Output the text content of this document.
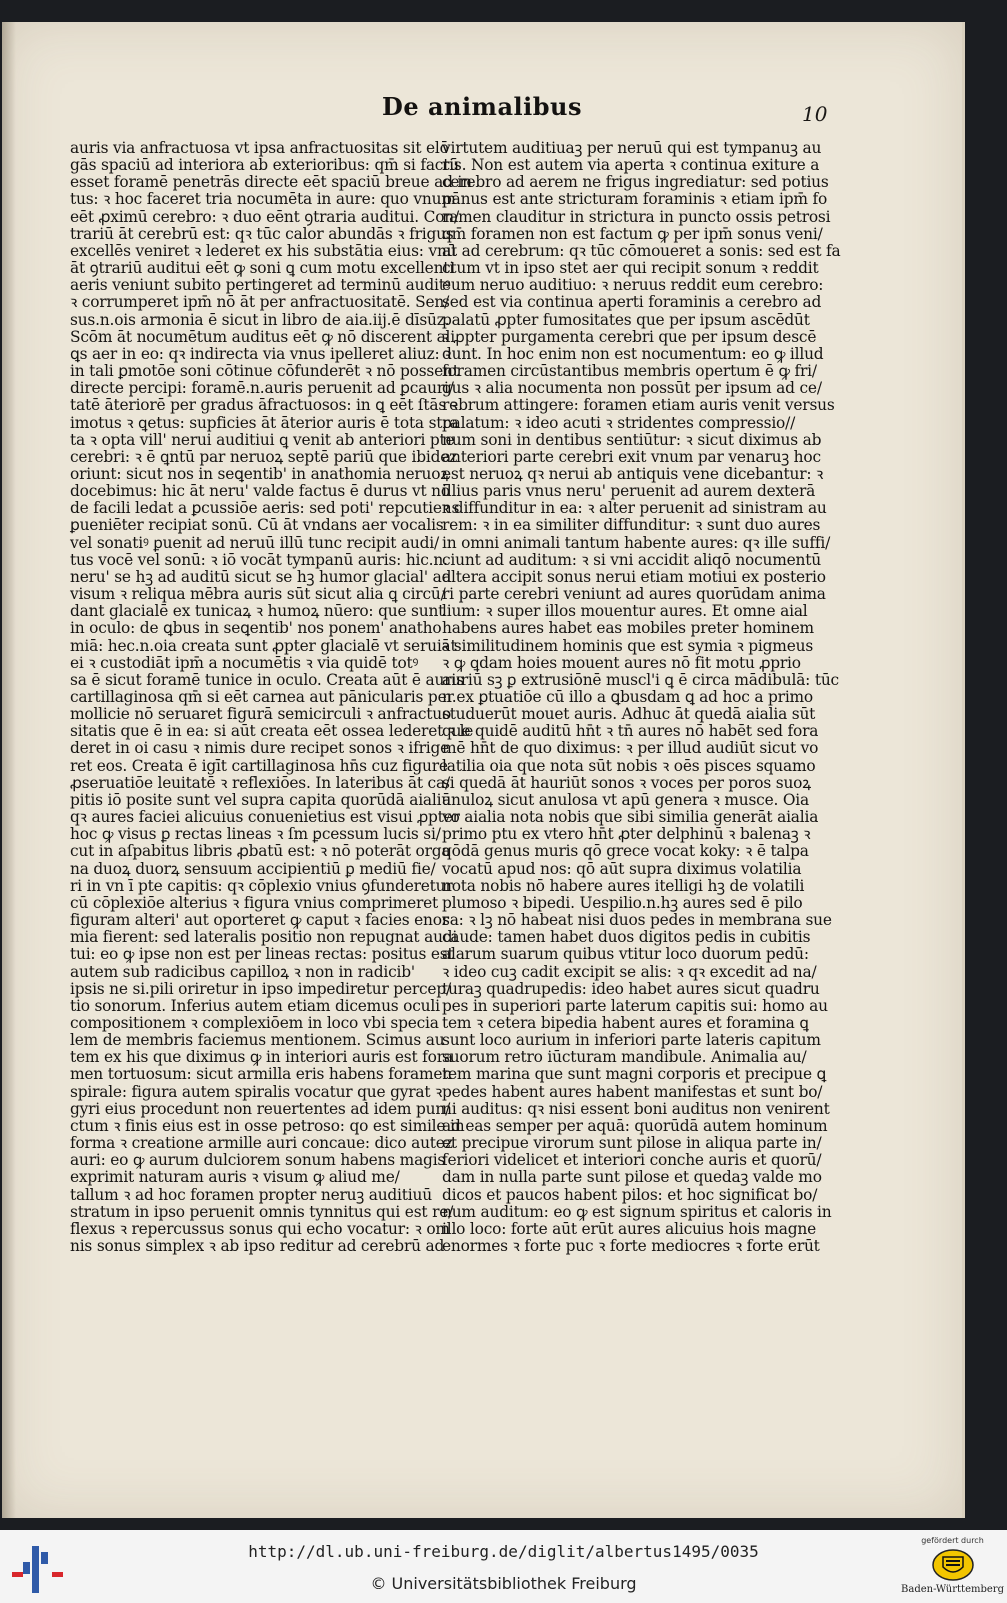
De animalibus	10
auris via anfractuosa vt ipsa anfractuositas sit elō
gās spaciū ad interiora ab exterioribus: qm̄ si factū
esset foramē penetrās directe eēt spaciū breue ad in
tus: ꝛ hoc faceret tria nocumēta in aure: quo vnum
eēt ꝓximū cerebro: ꝛ duo eēnt ꝯtraria auditui. Con/
trariū āt cerebrū est: qꝛ tūc calor abundās ꝛ frigus
excellēs veniret ꝛ lederet ex his substātia eius: vnū
āt ꝯtrariū auditui eēt ꝙ soni ꝗ cum motu excellenti
aeris veniunt subito pertingeret ad terminū auditꝰ
ꝛ corrumperet ipm̄ nō āt per anfractuositatē. Sen/
sus.n.ois armonia ē sicut in libro de aia.iij.ē dīsūz.
Scōm āt nocumētum auditus eēt ꝙ nō discerent ali
ꝗs aer in eo: qꝛ indirecta via vnus ipelleret aliuz: ꝛ
in tali ꝑmotōe soni cōtinue cōfunderēt ꝛ nō possent
directe percipi: foramē.n.auris peruenit ad ꝑcauri/
tatē āteriorē per gradus āfractuosos: in ꝗ eēt ſtās ꝛ
imotus ꝛ ꝗetus: supficies āt āterior auris ē tota stra
ta ꝛ opta vill' nerui auditiui ꝗ venit ab anteriori pte
cerebri: ꝛ ē ꝗntū par neruoꝝ septē pariū que ibidez
oriunt: sicut nos in seꝗentib' in anathomia neruoꝝ
docebimus: hic āt neru' valde factus ē durus vt nō
de facili ledat a ꝑcussiōe aeris: sed poti' repcutiens
ꝑueniēter recipiat sonū. Cū āt vndans aer vocalis
vel sonatiꝰ ꝑuenit ad neruū illū tunc recipit audi/
tus vocē vel sonū: ꝛ iō vocāt tympanū auris: hic.n.
neru' se hꝫ ad auditū sicut se hꝫ humor glacial' ad
visum ꝛ reliqua mēbra auris sūt sicut alia ꝗ circū/
dant glacialē ex tunicaꝝ ꝛ humoꝝ nūero: que sunt
in oculo: de ꝗbus in seꝗentib' nos ponem' anatho
miā: hec.n.oia creata sunt ꝓpter glacialē vt seruiāt
ei ꝛ custodiāt ipm̄ a nocumētis ꝛ via quidē totꝰ
sa ē sicut foramē tunice in oculo. Creata aūt ē auris
cartillaginosa qm̄ si eēt carnea aut pānicularis per
mollicie nō seruaret figurā semicirculi ꝛ anfractuo
sitatis que ē in ea: si aūt creata eēt ossea lederet ꝛ le
deret in oi casu ꝛ nimis dure recipet sonos ꝛ ifrige
ret eos. Creata ē igīt cartillaginosa hn̄s cuz figure
ꝓseruatiōe leuitatē ꝛ reflexiōes. In lateribus āt ca/
pitis iō posite sunt vel supra capita quorūdā aialiū
qꝛ aures faciei alicuius conuenietius est visui ꝓpter
hoc ꝙ visus ꝑ rectas lineas ꝛ ſm ꝑcessum lucis si/
cut in aſpabitus libris ꝓbatū est: ꝛ nō poterāt orga
na duoꝝ duorꝝ sensuum accipientiū ꝑ mediū fie/
ri in vn ī pte capitis: qꝛ cōplexio vnius ꝯfunderetur
cū cōplexiōe alterius ꝛ figura vnius comprimeret
figuram alteri' aut oporteret ꝙ caput ꝛ facies enor
mia fierent: sed lateralis positio non repugnat audi
tui: eo ꝙ ipse non est per lineas rectas: positus est
autem sub radicibus capilloꝝ ꝛ non in radicib'
ipsis ne si.pili oriretur in ipso impediretur percep/
tio sonorum. Inferius autem etiam dicemus oculi
compositionem ꝛ complexiōem in loco vbi specia
lem de membris faciemus mentionem. Scimus au
tem ex his que diximus ꝙ in interiori auris est fora
men tortuosum: sicut armilla eris habens foramen
spirale: figura autem spiralis vocatur que gyrat ꝛ
gyri eius procedunt non reuertentes ad idem pun/
ctum ꝛ finis eius est in osse petroso: qo est simile in
forma ꝛ creatione armille auri concaue: dico autez
auri: eo ꝙ aurum dulciorem sonum habens magis
exprimit naturam auris ꝛ visum ꝙ aliud me/
tallum ꝛ ad hoc foramen propter neruꝫ auditiuū
stratum in ipso peruenit omnis tynnitus qui est re/
flexus ꝛ repercussus sonus qui echo vocatur: ꝛ om
nis sonus simplex ꝛ ab ipso reditur ad cerebrū ad
virtutem auditiuaꝫ per neruū qui est tympanuꝫ au
ris. Non est autem via aperta ꝛ continua exiture a
cerebro ad aerem ne frigus ingrediatur: sed potius
pānus est ante stricturam foraminis ꝛ etiam ipm̄ fo
ramen clauditur in strictura in puncto ossis petrosi
qm̄ foramen non est factum ꝙ per ipm̄ sonus veni/
at ad cerebrum: qꝛ tūc cōmoueret a sonis: sed est fa
ctum vt in ipso stet aer qui recipit sonum ꝛ reddit
eum neruo auditiuo: ꝛ neruus reddit eum cerebro:
sed est via continua aperti foraminis a cerebro ad
palatū ꝓpter fumositates que per ipsum ascēdūt
ꝛ ꝓpter purgamenta cerebri que per ipsum descē
dunt. In hoc enim non est nocumentum: eo ꝙ illud
foramen circūstantibus membris opertum ē ꝙ fri/
gus ꝛ alia nocumenta non possūt per ipsum ad ce/
rebrum attingere: foramen etiam auris venit versus
palatum: ꝛ ideo acuti ꝛ stridentes compressio//
num soni in dentibus sentiūtur: ꝛ sicut diximus ab
anteriori parte cerebri exit vnum par venaruꝫ hoc
est neruoꝝ qꝛ nerui ab antiquis vene dicebantur: ꝛ
illius paris vnus neru' peruenit ad aurem dexterā
ꝛ diffunditur in ea: ꝛ alter peruenit ad sinistram au
rem: ꝛ in ea similiter diffunditur: ꝛ sunt duo aures
in omni animali tantum habente aures: qꝛ ille suffi/
ciunt ad auditum: ꝛ si vni accidit aliqō nocumentū
altera accipit sonus nerui etiam motiui ex posterio
ri parte cerebri veniunt ad aures quorūdam anima
lium: ꝛ super illos mouentur aures. Et omne aial
habens aures habet eas mobiles preter hominem
ꝛ similitudinem hominis que est symia ꝛ pigmeus
ꝛ ꝙ ꝗdam hoies mouent aures nō fit motu ꝓprio
auriū sꝫ ꝑ extrusiōnē muscl'i ꝗ ē circa mādibulā: tūc
n.ex ꝑtuatiōe cū illo a ꝗbusdam ꝗ ad hoc a primo
studuerūt mouet auris. Adhuc āt quedā aialia sūt
que quidē auditū hn̄t ꝛ tn̄ aures nō habēt sed fora
mē hn̄t de quo diximus: ꝛ per illud audiūt sicut vo
latilia oia que nota sūt nobis ꝛ oēs pisces squamo
si quedā āt hauriūt sonos ꝛ voces per poros suoꝝ
anuloꝝ sicut anulosa vt apū genera ꝛ musce. Oia
vo aialia nota nobis que sibi similia generāt aialia
primo ptu ex vtero hn̄t ꝓter delphinū ꝛ balenaꝫ ꝛ
qōdā genus muris qō grece vocat koky: ꝛ ē talpa
vocatū apud nos: qō aūt supra diximus volatilia
nota nobis nō habere aures itelligi hꝫ de volatili
plumoso ꝛ bipedi. Uespilio.n.hꝫ aures sed ē pilo
sa: ꝛ lꝫ nō habeat nisi duos pedes in membrana sue
caude: tamen habet duos digitos pedis in cubitis
alarum suarum quibus vtitur loco duorum pedū:
ꝛ ideo cuꝫ cadit excipit se alis: ꝛ qꝛ excedit ad na/
turaꝫ quadrupedis: ideo habet aures sicut quadru
pes in superiori parte laterum capitis sui: homo au
tem ꝛ cetera bipedia habent aures et foramina ꝗ
sunt loco aurium in inferiori parte lateris capitum
suorum retro iūcturam mandibule. Animalia au/
tem marina que sunt magni corporis et precipue ꝗ
pedes habent aures habent manifestas et sunt bo/
ni auditus: qꝛ nisi essent boni auditus non venirent
ad eas semper per aquā: quorūdā autem hominum
et precipue virorum sunt pilose in aliqua parte in/
feriori videlicet et interiori conche auris et quorū/
dam in nulla parte sunt pilose et quedaꝫ valde mo
dicos et paucos habent pilos: et hoc significat bo/
num auditum: eo ꝙ est signum spiritus et caloris in
illo loco: forte aūt erūt aures alicuius hois magne
enormes ꝛ forte puc ꝛ forte mediocres ꝛ forte erūt
http://dl.ub.uni-freiburg.de/diglit/albertus1495/0035
© Universitätsbibliothek Freiburg
gefördert durch
Baden-Württemberg
